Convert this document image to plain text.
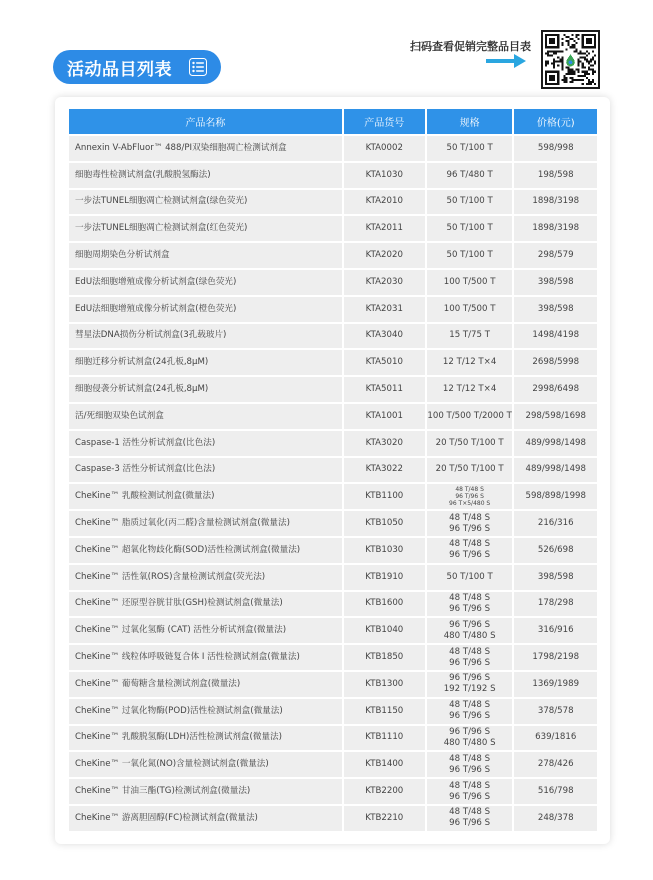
活动品目列表
扫码查看促销完整品目表
产品名称	产品货号	规格	价格(元)
Annexin V-AbFluor™ 488/PI双染细胞凋亡检测试剂盒	KTA0002	50 T/100 T	598/998
细胞毒性检测试剂盒(乳酸脱氢酶法)	KTA1030	96 T/480 T	198/598
一步法TUNEL细胞凋亡检测试剂盒(绿色荧光)	KTA2010	50 T/100 T	1898/3198
一步法TUNEL细胞凋亡检测试剂盒(红色荧光)	KTA2011	50 T/100 T	1898/3198
细胞周期染色分析试剂盒	KTA2020	50 T/100 T	298/579
EdU法细胞增殖成像分析试剂盒(绿色荧光)	KTA2030	100 T/500 T	398/598
EdU法细胞增殖成像分析试剂盒(橙色荧光)	KTA2031	100 T/500 T	398/598
彗星法DNA损伤分析试剂盒(3孔载玻片)	KTA3040	15 T/75 T	1498/4198
细胞迁移分析试剂盒(24孔板,8μM)	KTA5010	12 T/12 T×4	2698/5998
细胞侵袭分析试剂盒(24孔板,8μM)	KTA5011	12 T/12 T×4	2998/6498
活/死细胞双染色试剂盒	KTA1001	100 T/500 T/2000 T	298/598/1698
Caspase-1 活性分析试剂盒(比色法)	KTA3020	20 T/50 T/100 T	489/998/1498
Caspase-3 活性分析试剂盒(比色法)	KTA3022	20 T/50 T/100 T	489/998/1498
CheKine™ 乳酸检测试剂盒(微量法)	KTB1100	48 T/48 S
96 T/96 S
96 T×5/480 S	598/898/1998
CheKine™ 脂质过氧化(丙二醛)含量检测试剂盒(微量法)	KTB1050	48 T/48 S
96 T/96 S	216/316
CheKine™ 超氧化物歧化酶(SOD)活性检测试剂盒(微量法)	KTB1030	48 T/48 S
96 T/96 S	526/698
CheKine™ 活性氧(ROS)含量检测试剂盒(荧光法)	KTB1910	50 T/100 T	398/598
CheKine™ 还原型谷胱甘肽(GSH)检测试剂盒(微量法)	KTB1600	48 T/48 S
96 T/96 S	178/298
CheKine™ 过氧化氢酶 (CAT) 活性分析试剂盒(微量法)	KTB1040	96 T/96 S
480 T/480 S	316/916
CheKine™ 线粒体呼吸链复合体 I 活性检测试剂盒(微量法)	KTB1850	48 T/48 S
96 T/96 S	1798/2198
CheKine™ 葡萄糖含量检测试剂盒(微量法)	KTB1300	96 T/96 S
192 T/192 S	1369/1989
CheKine™ 过氧化物酶(POD)活性检测试剂盒(微量法)	KTB1150	48 T/48 S
96 T/96 S	378/578
CheKine™ 乳酸脱氢酶(LDH)活性检测试剂盒(微量法)	KTB1110	96 T/96 S
480 T/480 S	639/1816
CheKine™ 一氧化氮(NO)含量检测试剂盒(微量法)	KTB1400	48 T/48 S
96 T/96 S	278/426
CheKine™ 甘油三酯(TG)检测试剂盒(微量法)	KTB2200	48 T/48 S
96 T/96 S	516/798
CheKine™ 游离胆固醇(FC)检测试剂盒(微量法)	KTB2210	48 T/48 S
96 T/96 S	248/378
